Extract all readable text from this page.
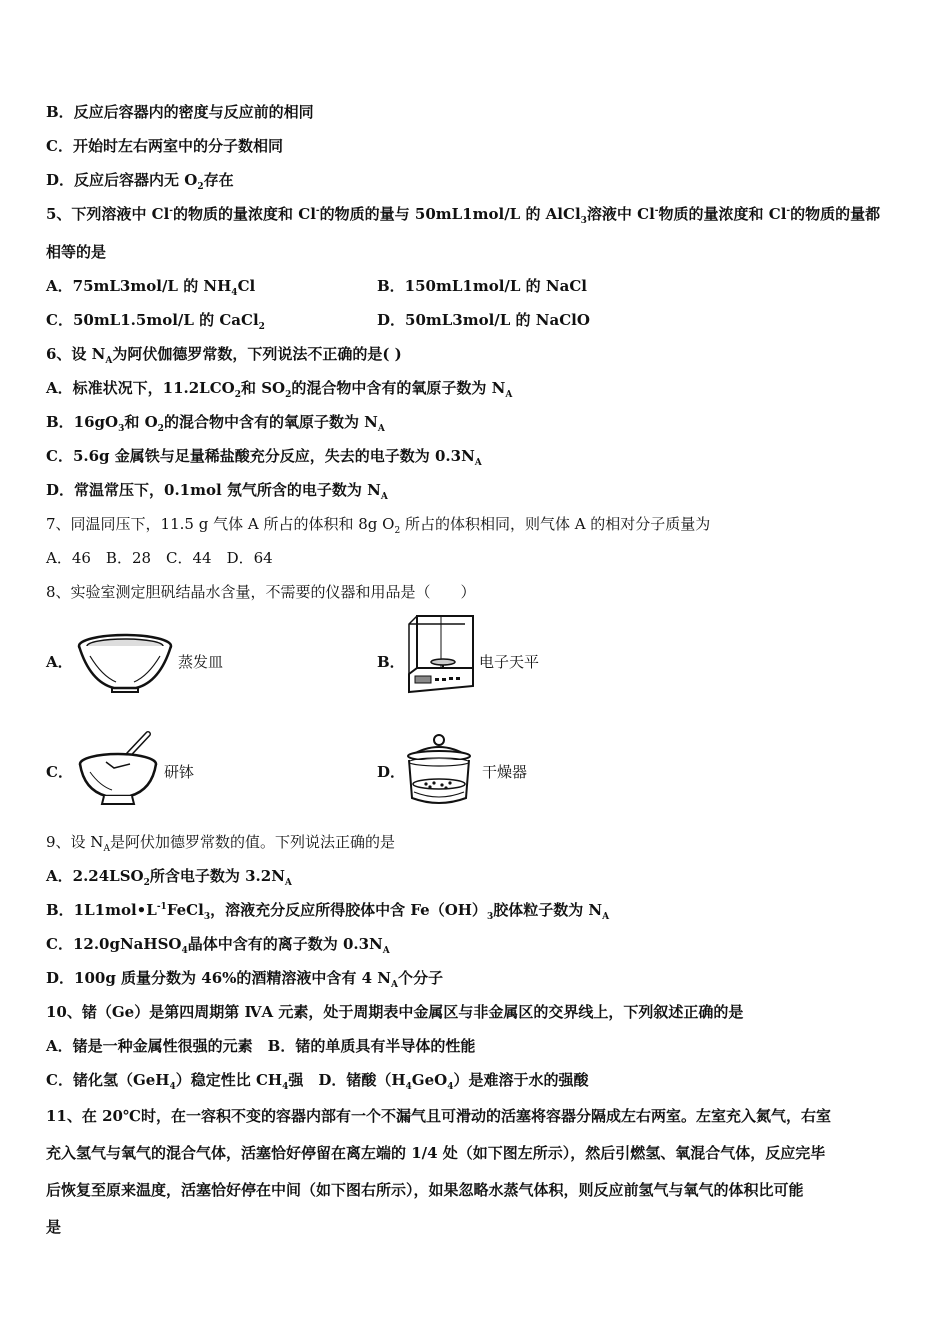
B．反应后容器内的密度与反应前的相同
C．开始时左右两室中的分子数相同
D．反应后容器内无 $O_2$存在
5、下列溶液中 Cl-的物质的量浓度和 Cl-的物质的量与 50mL1mol/L 的 AlCl$_3$溶液中 Cl-物质的量浓度和 Cl-的物质的量都
相等的是
A．75mL3mol/L 的 $NH_4Cl$	B．150mL1mol/L 的 NaCl
C．50mL1.5mol/L 的 CaCl$_2$	D．50mL3mol/L 的 NaClO
6、设 $N_A$为阿伏伽德罗常数，下列说法不正确的是( )
A．标准状况下，$11.2LCO_2$和 $SO_2$的混合物中含有的氧原子数为 $N_A$
B．$16gO_3$和 $O_2$的混合物中含有的氧原子数为 $N_A$
C．5.6g 金属铁与足量稀盐酸充分反应，失去的电子数为 $0.3N_A$
D．常温常压下，0.1mol 氖气所含的电子数为 $N_A$
7、同温同压下，11.5 g 气体 A 所占的体积和 8g $O_2$ 所占的体积相同，则气体 A 的相对分子质量为
A．46　B．28　C．44　D．64
8、实验室测定胆矾结晶水含量，不需要的仪器和用品是（　　）
A．	蒸发皿	B．	电子天平
C．	研钵	D．	干燥器
9、设 $N_A$是阿伏加德罗常数的值。下列说法正确的是
A．$2.24LSO_2$所含电子数为 $3.2N_A$
B．$1L1mol•L^{-1}FeCl_3$，溶液充分反应所得胶体中含 $Fe(OH)_3$胶体粒子数为 $N_A$
C．12.0gNaHSO$_4$晶体中含有的离子数为 $0.3N_A$
D．100g 质量分数为 46%的酒精溶液中含有 4 $N_A$个分子
10、锗（Ge）是第四周期第 ⅣA 元素，处于周期表中金属区与非金属区的交界线上，下列叙述正确的是
A．锗是一种金属性很强的元素　B．锗的单质具有半导体的性能
C．锗化氢（GeH$_4$）稳定性比 $CH_4$强　D．锗酸$(H_4GeO_4)$是难溶于水的强酸
11、在 20℃时，在一容积不变的容器内部有一个不漏气且可滑动的活塞将容器分隔成左右两室。左室充入氮气，右室
充入氢气与氧气的混合气体，活塞恰好停留在离左端的 1/4 处（如下图左所示），然后引燃氢、氧混合气体，反应完毕
后恢复至原来温度，活塞恰好停在中间（如下图右所示），如果忽略水蒸气体积，则反应前氢气与氧气的体积比可能
是
